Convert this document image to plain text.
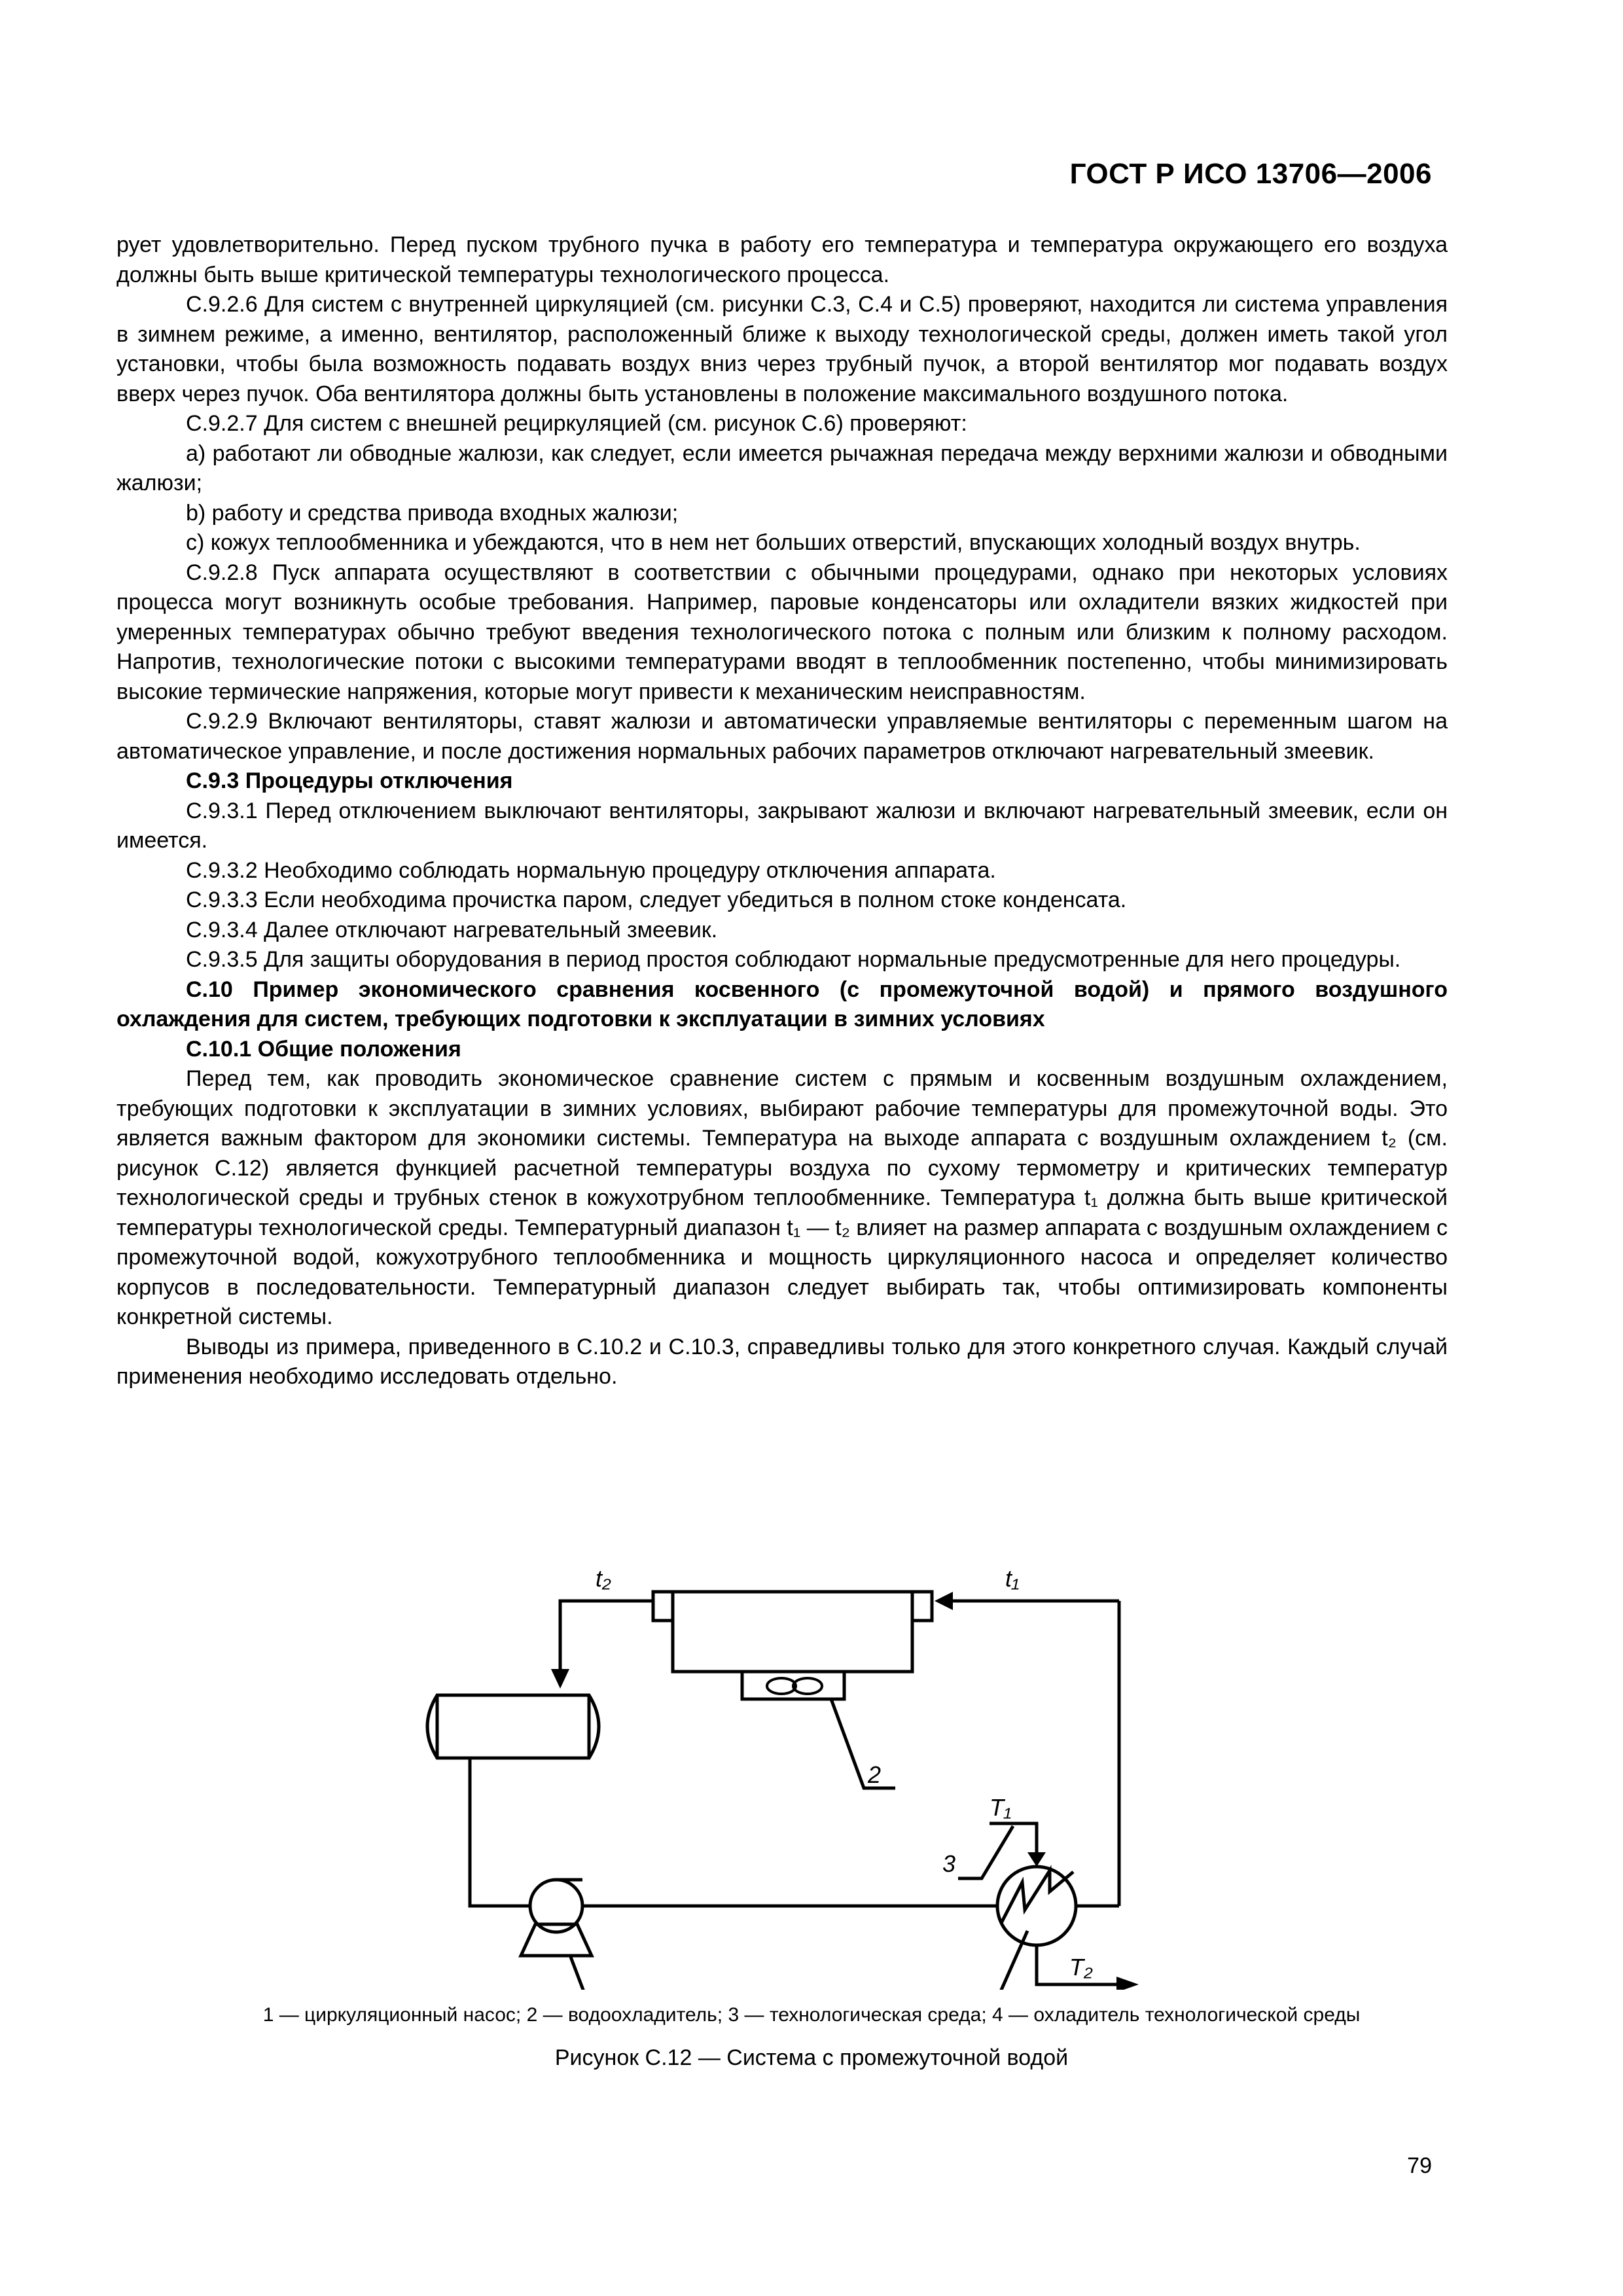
ГОСТ Р ИСО 13706—2006

рует удовлетворительно. Перед пуском трубного пучка в работу его температура и температура окружающего его воздуха должны быть выше критической температуры технологического процесса.

С.9.2.6 Для систем с внутренней циркуляцией (см. рисунки С.3, С.4 и С.5) проверяют, находится ли система управления в зимнем режиме, а именно, вентилятор, расположенный ближе к выходу технологической среды, должен иметь такой угол установки, чтобы была возможность подавать воздух вниз через трубный пучок, а второй вентилятор мог подавать воздух вверх через пучок. Оба вентилятора должны быть установлены в положение максимального воздушного потока.

С.9.2.7 Для систем с внешней рециркуляцией (см. рисунок С.6) проверяют:

a) работают ли обводные жалюзи, как следует, если имеется рычажная передача между верхними жалюзи и обводными жалюзи;

b) работу и средства привода входных жалюзи;

c) кожух теплообменника и убеждаются, что в нем нет больших отверстий, впускающих холодный воздух внутрь.

С.9.2.8 Пуск аппарата осуществляют в соответствии с обычными процедурами, однако при некоторых условиях процесса могут возникнуть особые требования. Например, паровые конденсаторы или охладители вязких жидкостей при умеренных температурах обычно требуют введения технологического потока с полным или близким к полному расходом. Напротив, технологические потоки с высокими температурами вводят в теплообменник постепенно, чтобы минимизировать высокие термические напряжения, которые могут привести к механическим неисправностям.

С.9.2.9 Включают вентиляторы, ставят жалюзи и автоматически управляемые вентиляторы с переменным шагом на автоматическое управление, и после достижения нормальных рабочих параметров отключают нагревательный змеевик.

С.9.3 Процедуры отключения

С.9.3.1 Перед отключением выключают вентиляторы, закрывают жалюзи и включают нагревательный змеевик, если он имеется.

С.9.3.2 Необходимо соблюдать нормальную процедуру отключения аппарата.

С.9.3.3 Если необходима прочистка паром, следует убедиться в полном стоке конденсата.

С.9.3.4 Далее отключают нагревательный змеевик.

С.9.3.5 Для защиты оборудования в период простоя соблюдают нормальные предусмотренные для него процедуры.

С.10 Пример экономического сравнения косвенного (с промежуточной водой) и прямого воздушного охлаждения для систем, требующих подготовки к эксплуатации в зимних условиях

С.10.1 Общие положения

Перед тем, как проводить экономическое сравнение систем с прямым и косвенным воздушным охлаждением, требующих подготовки к эксплуатации в зимних условиях, выбирают рабочие температуры для промежуточной воды. Это является важным фактором для экономики системы. Температура на выходе аппарата с воздушным охлаждением t₂ (см. рисунок С.12) является функцией расчетной температуры воздуха по сухому термометру и критических температур технологической среды и трубных стенок в кожухотрубном теплообменнике. Температура t₁ должна быть выше критической температуры технологической среды. Температурный диапазон t₁ — t₂ влияет на размер аппарата с воздушным охлаждением с промежуточной водой, кожухотрубного теплообменника и мощность циркуляционного насоса и определяет количество корпусов в последовательности. Температурный диапазон следует выбирать так, чтобы оптимизировать компоненты конкретной системы.

Выводы из примера, приведенного в С.10.2 и С.10.3, справедливы только для этого конкретного случая. Каждый случай применения необходимо исследовать отдельно.

t₂	t₁
T₁
T₂
2
3
1 — циркуляционный насос; 2 — водоохладитель; 3 — технологическая среда; 4 — охладитель технологической среды
Рисунок С.12 — Система с промежуточной водой
79
